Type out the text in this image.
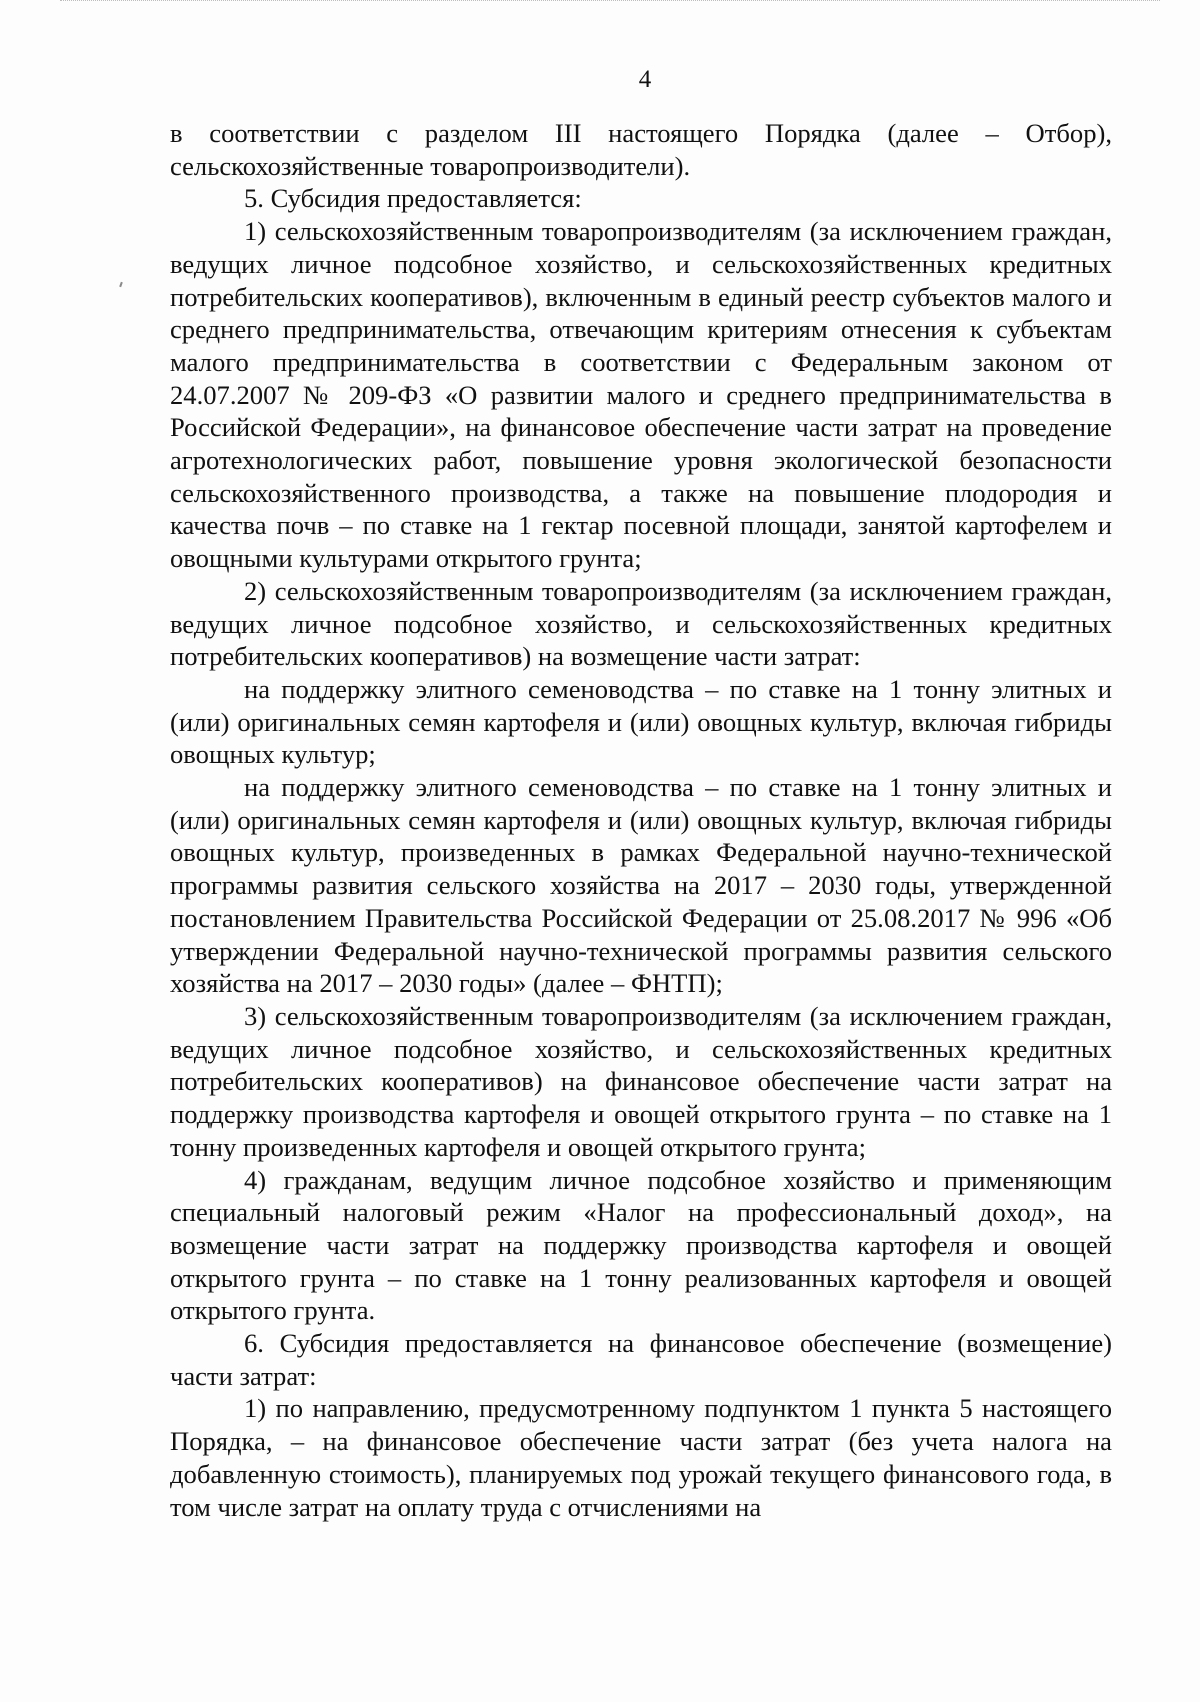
4

в соответствии с разделом III настоящего Порядка (далее – Отбор), сельскохозяйственные товаропроизводители).

5. Субсидия предоставляется:

1) сельскохозяйственным товаропроизводителям (за исключением граждан, ведущих личное подсобное хозяйство, и сельскохозяйственных кредитных потребительских кооперативов), включенным в единый реестр субъектов малого и среднего предпринимательства, отвечающим критериям отнесения к субъектам малого предпринимательства в соответствии с Федеральным законом от 24.07.2007 № 209-ФЗ «О развитии малого и среднего предпринимательства в Российской Федерации», на финансовое обеспечение части затрат на проведение агротехнологических работ, повышение уровня экологической безопасности сельскохозяйственного производства, а также на повышение плодородия и качества почв – по ставке на 1 гектар посевной площади, занятой картофелем и овощными культурами открытого грунта;

2) сельскохозяйственным товаропроизводителям (за исключением граждан, ведущих личное подсобное хозяйство, и сельскохозяйственных кредитных потребительских кооперативов) на возмещение части затрат:

на поддержку элитного семеноводства – по ставке на 1 тонну элитных и (или) оригинальных семян картофеля и (или) овощных культур, включая гибриды овощных культур;

на поддержку элитного семеноводства – по ставке на 1 тонну элитных и (или) оригинальных семян картофеля и (или) овощных культур, включая гибриды овощных культур, произведенных в рамках Федеральной научно-технической программы развития сельского хозяйства на 2017 – 2030 годы, утвержденной постановлением Правительства Российской Федерации от 25.08.2017 № 996 «Об утверждении Федеральной научно-технической программы развития сельского хозяйства на 2017 – 2030 годы» (далее – ФНТП);

3) сельскохозяйственным товаропроизводителям (за исключением граждан, ведущих личное подсобное хозяйство, и сельскохозяйственных кредитных потребительских кооперативов) на финансовое обеспечение части затрат на поддержку производства картофеля и овощей открытого грунта – по ставке на 1 тонну произведенных картофеля и овощей открытого грунта;

4) гражданам, ведущим личное подсобное хозяйство и применяющим специальный налоговый режим «Налог на профессиональный доход», на возмещение части затрат на поддержку производства картофеля и овощей открытого грунта – по ставке на 1 тонну реализованных картофеля и овощей открытого грунта.

6. Субсидия предоставляется на финансовое обеспечение (возмещение) части затрат:

1) по направлению, предусмотренному подпунктом 1 пункта 5 настоящего Порядка, – на финансовое обеспечение части затрат (без учета налога на добавленную стоимость), планируемых под урожай текущего финансового года, в том числе затрат на оплату труда с отчислениями на
